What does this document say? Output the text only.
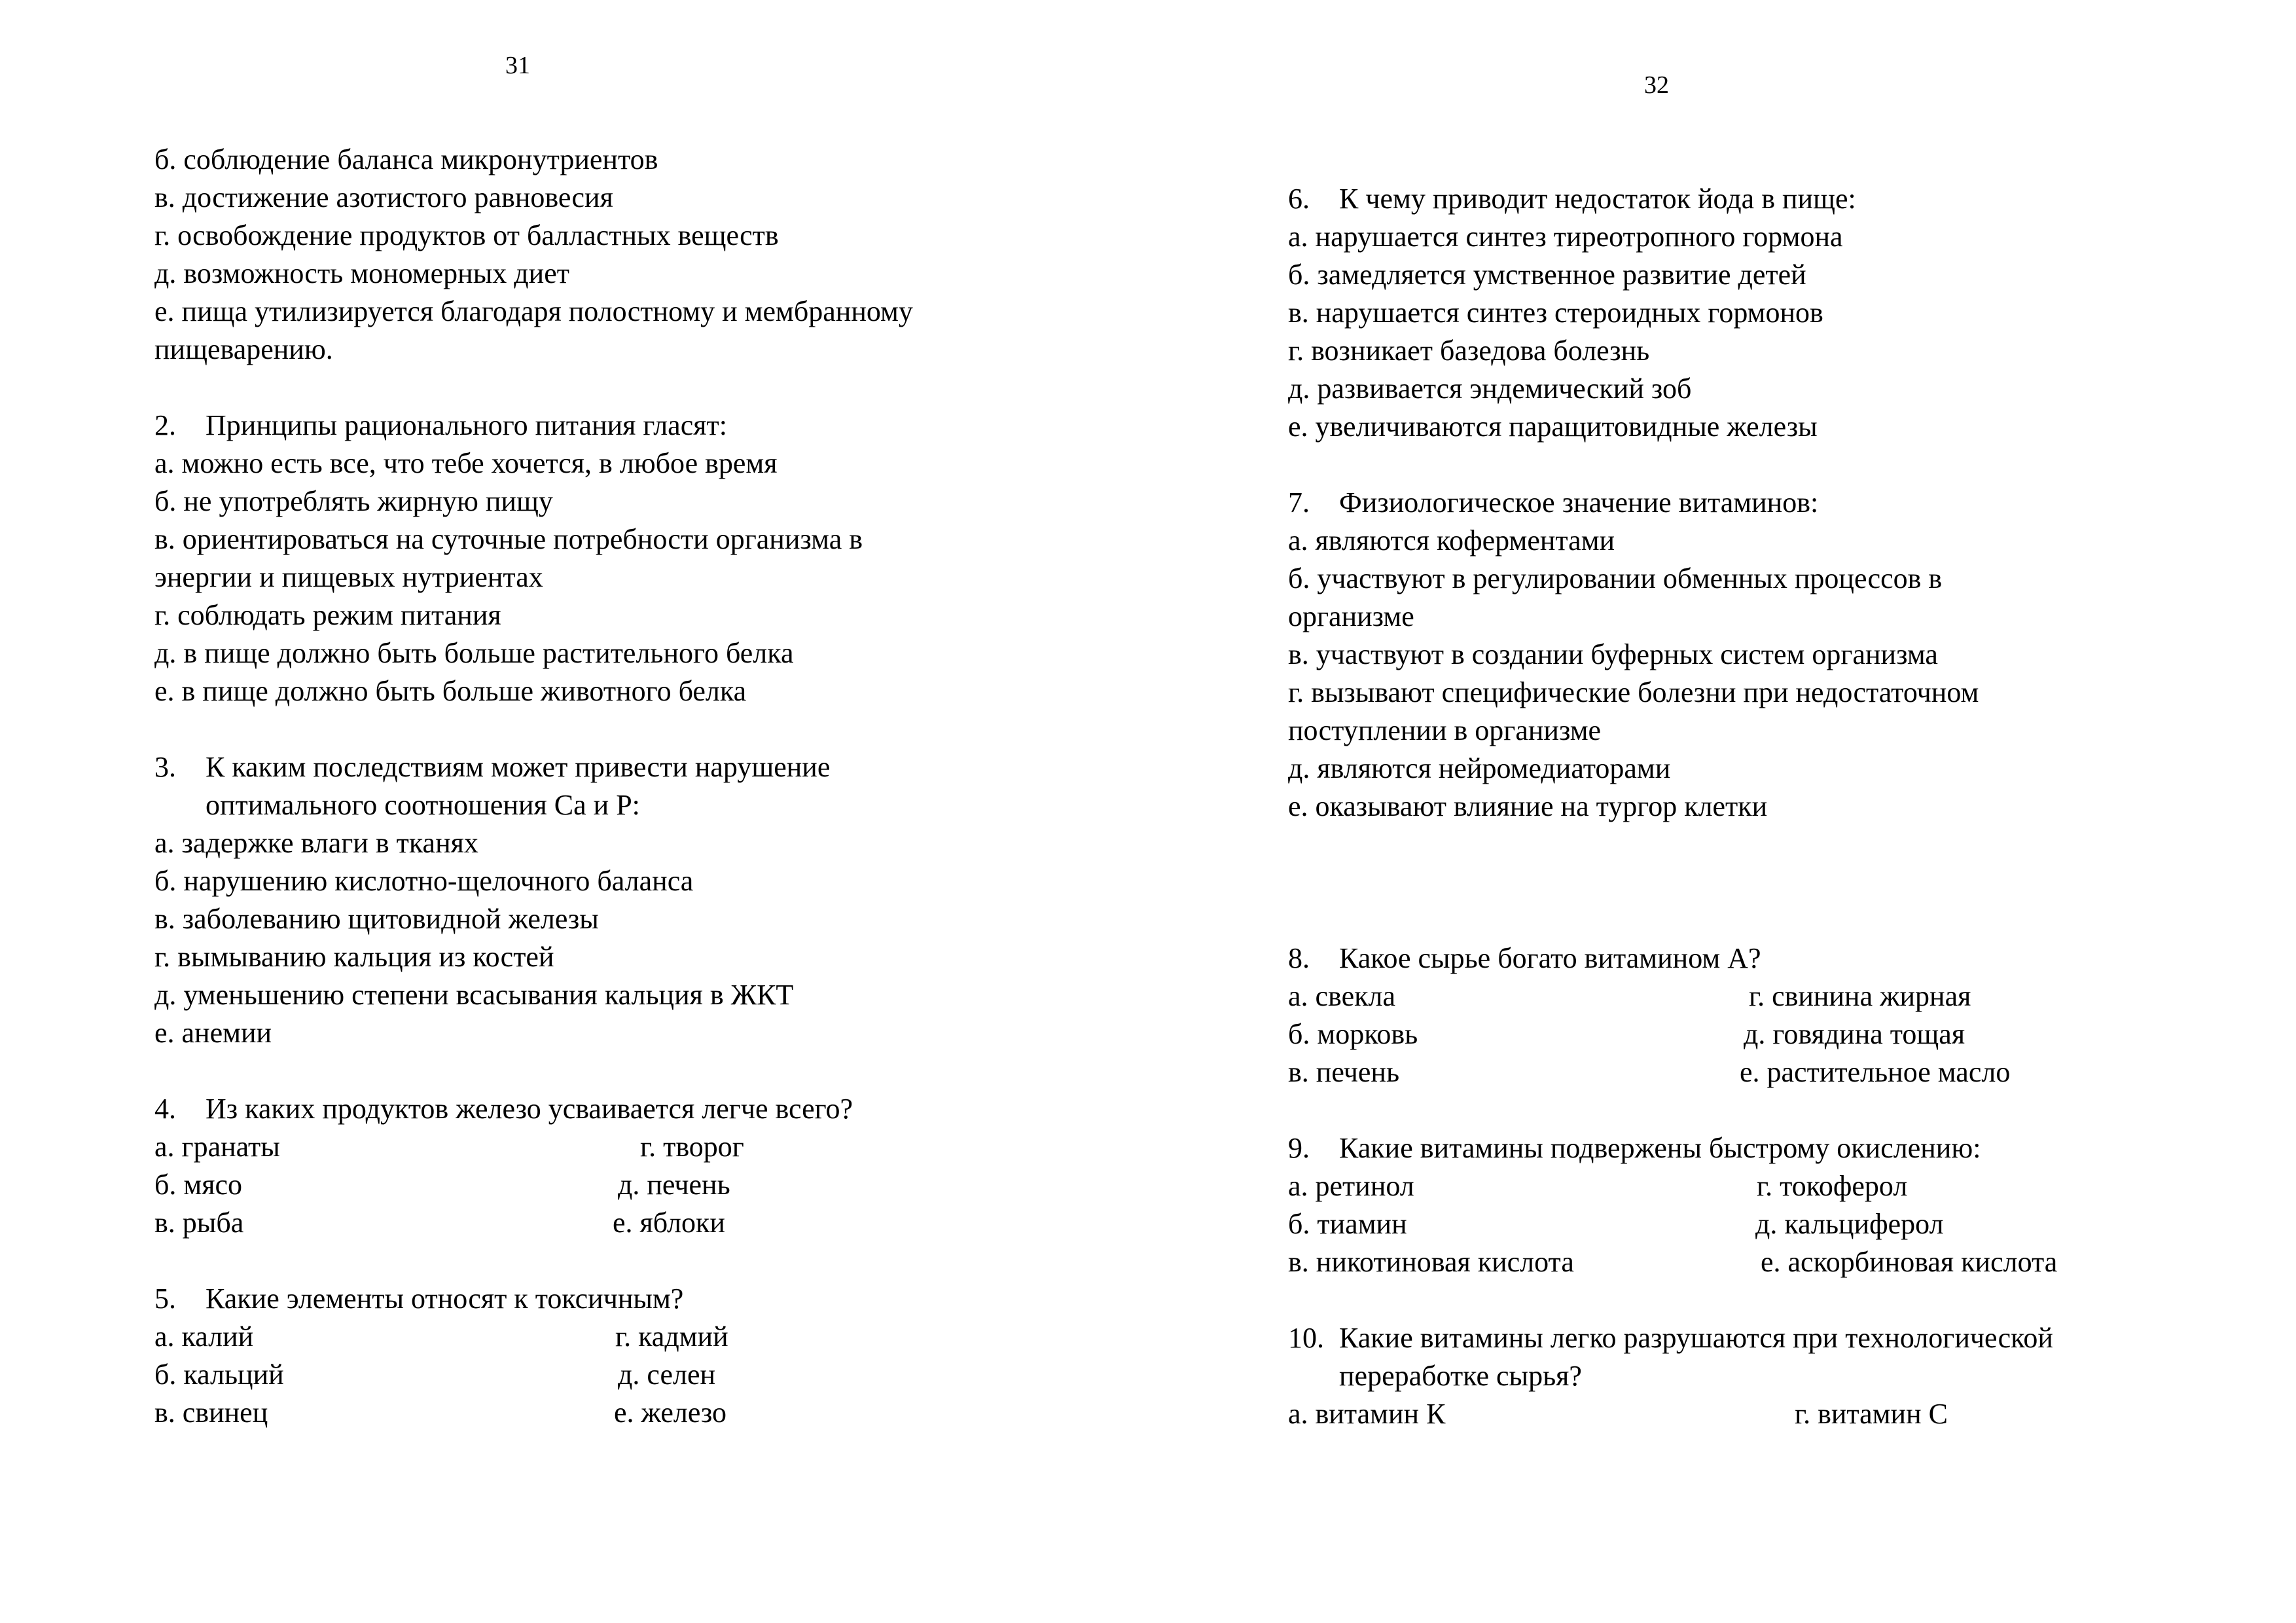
31

б. соблюдение баланса микронутриентов

в. достижение азотистого равновесия

г. освобождение продуктов от балластных веществ

д. возможность мономерных диет

е. пища утилизируется благодаря полостному и мембранному

пищеварению.

2.	Принципы рационального питания гласят:

а. можно есть все, что тебе хочется, в любое время

б. не употреблять жирную пищу

в. ориентироваться на суточные потребности организма в

энергии и пищевых нутриентах

г. соблюдать режим питания

д. в пище должно быть больше растительного белка

е. в пище должно быть больше животного белка

3.	К каким последствиям может привести нарушение

оптимального соотношения Ca и P:

а. задержке влаги в тканях

б. нарушению кислотно-щелочного баланса

в. заболеванию щитовидной железы

г. вымыванию кальция из костей

д. уменьшению степени всасывания кальция в ЖКТ

е. анемии

4.	Из каких продуктов железо усваивается легче всего?

а. гранаты	г. творог

б. мясо	д. печень

в. рыба	е. яблоки

5.	Какие элементы относят к токсичным?

а. калий	г. кадмий

б. кальций	д. селен

в. свинец	е. железо

32

6.	К чему приводит недостаток йода в пище:

а. нарушается синтез тиреотропного гормона

б. замедляется умственное развитие детей

в. нарушается синтез стероидных гормонов

г. возникает базедова болезнь

д. развивается эндемический зоб

е. увеличиваются паращитовидные железы

7.	Физиологическое значение витаминов:

а. являются коферментами

б. участвуют в регулировании обменных процессов в

организме

в. участвуют в создании буферных систем организма

г. вызывают специфические болезни при недостаточном

поступлении в организме

д. являются нейромедиаторами

е. оказывают влияние на тургор клетки

8.	Какое сырье богато витамином А?

а. свекла	г. свинина жирная

б. морковь	д. говядина тощая

в. печень	е. растительное масло

9.	Какие витамины подвержены быстрому окислению:

а. ретинол	г. токоферол

б. тиамин	д. кальциферол

в. никотиновая кислота	е. аскорбиновая кислота

10. Какие витамины легко разрушаются при технологической

переработке сырья?

а. витамин К	г. витамин С
